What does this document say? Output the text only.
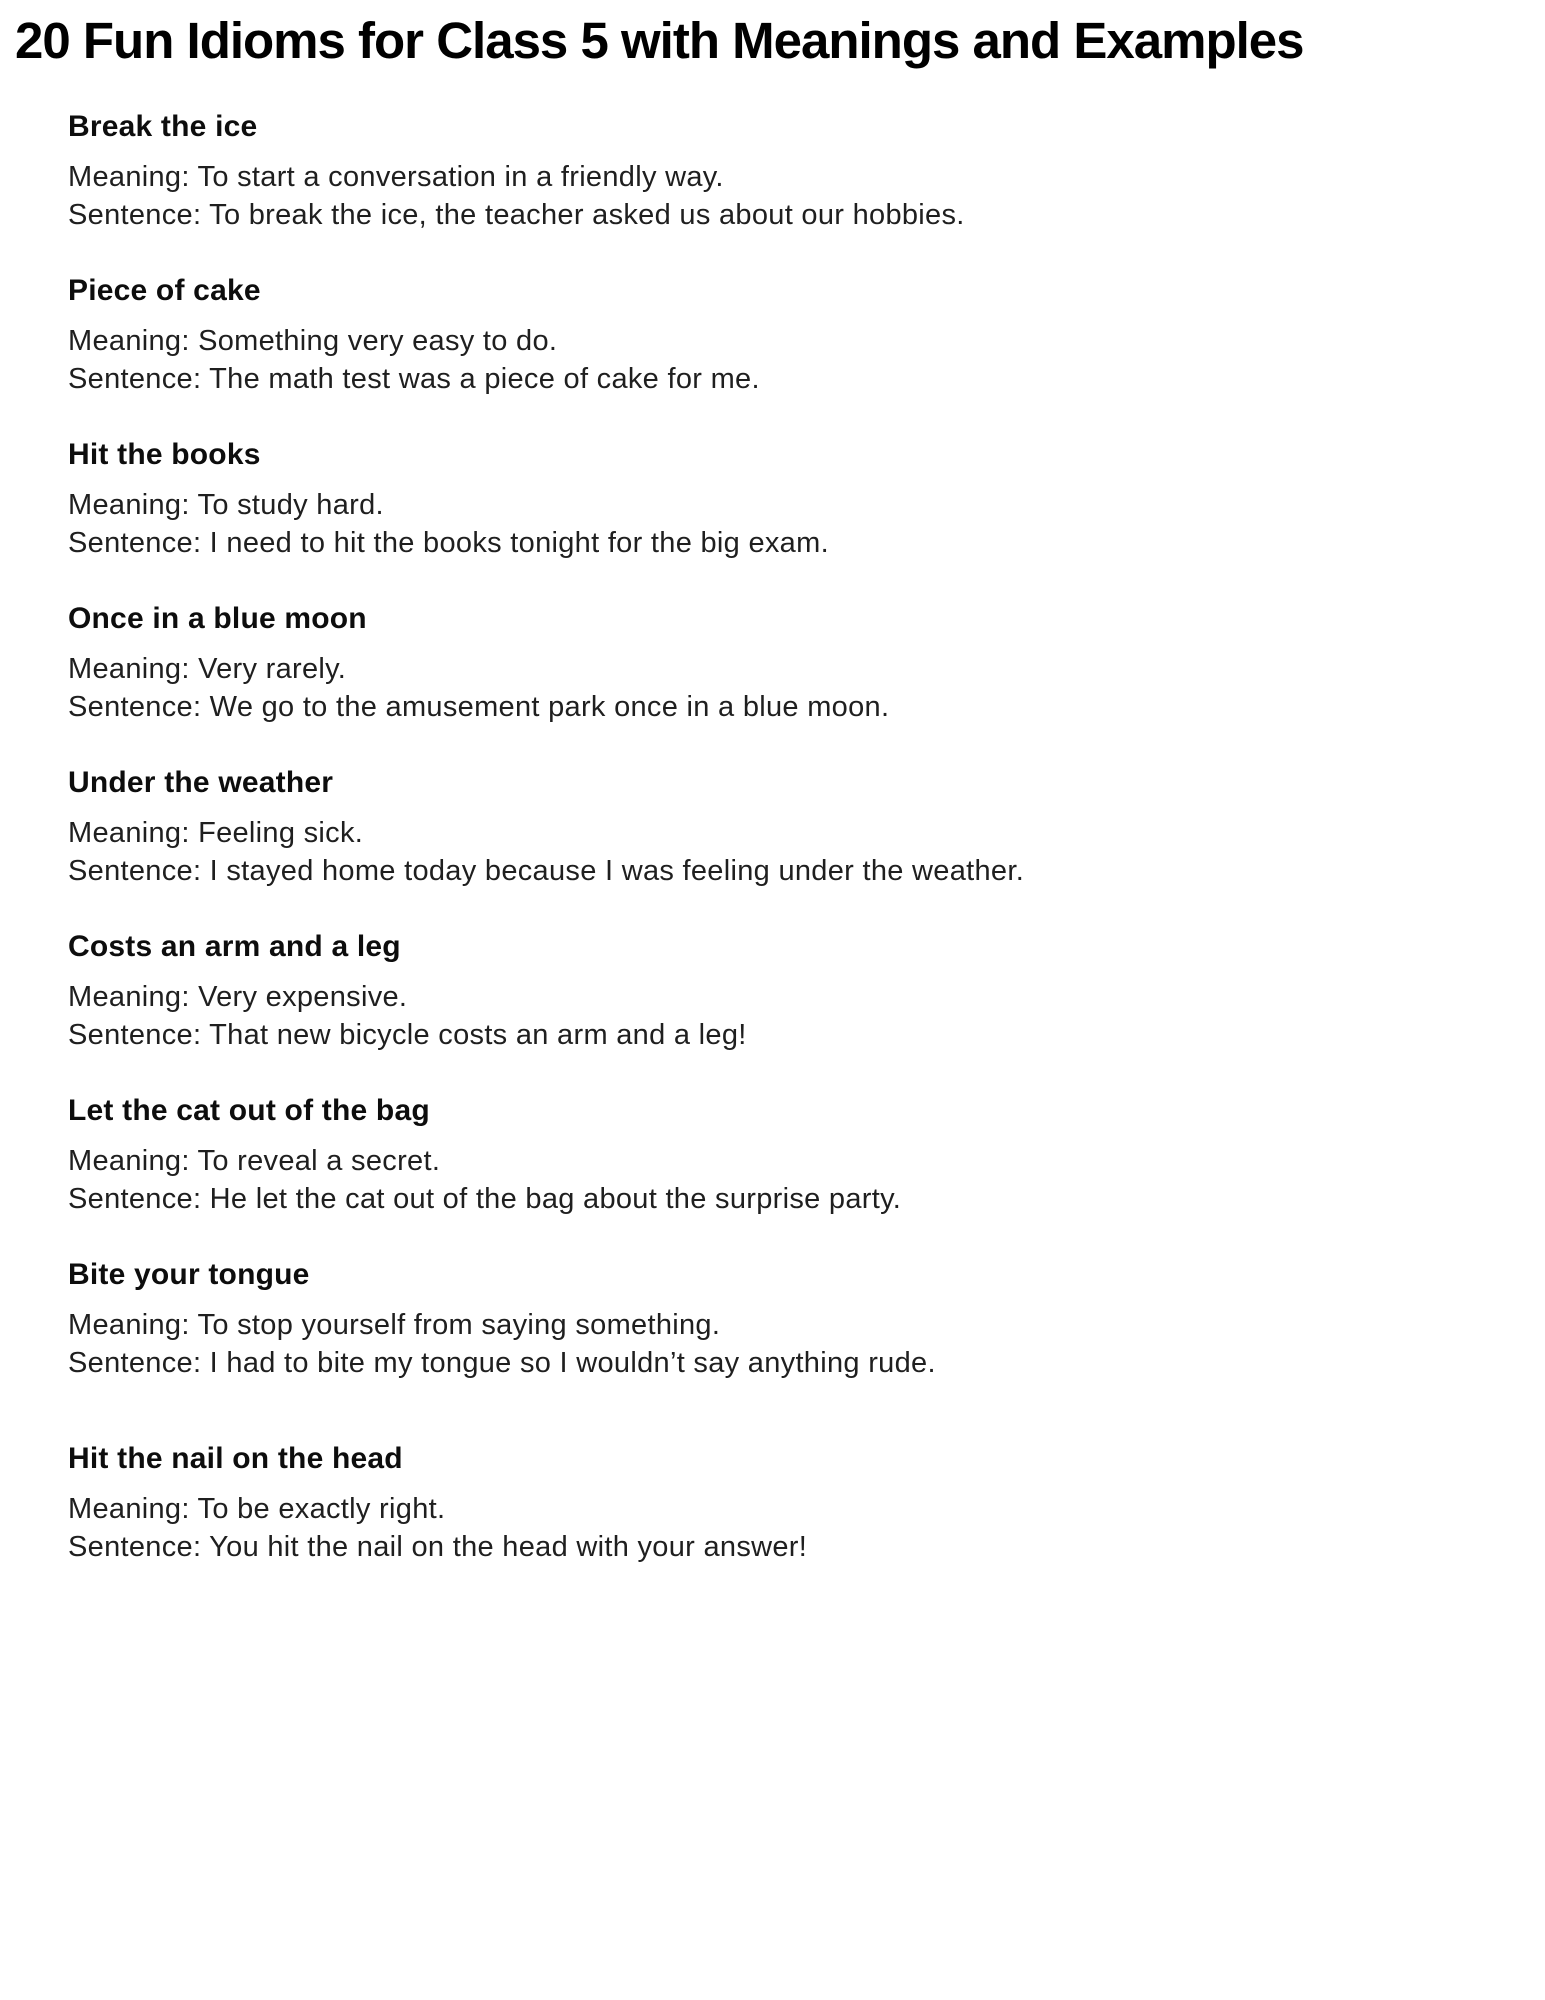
20 Fun Idioms for Class 5 with Meanings and Examples
Break the ice

Meaning: To start a conversation in a friendly way.

Sentence: To break the ice, the teacher asked us about our hobbies.

Piece of cake

Meaning: Something very easy to do.

Sentence: The math test was a piece of cake for me.

Hit the books

Meaning: To study hard.

Sentence: I need to hit the books tonight for the big exam.

Once in a blue moon

Meaning: Very rarely.

Sentence: We go to the amusement park once in a blue moon.

Under the weather

Meaning: Feeling sick.

Sentence: I stayed home today because I was feeling under the weather.

Costs an arm and a leg

Meaning: Very expensive.

Sentence: That new bicycle costs an arm and a leg!

Let the cat out of the bag

Meaning: To reveal a secret.

Sentence: He let the cat out of the bag about the surprise party.

Bite your tongue

Meaning: To stop yourself from saying something.

Sentence: I had to bite my tongue so I wouldn’t say anything rude.

Hit the nail on the head

Meaning: To be exactly right.

Sentence: You hit the nail on the head with your answer!
